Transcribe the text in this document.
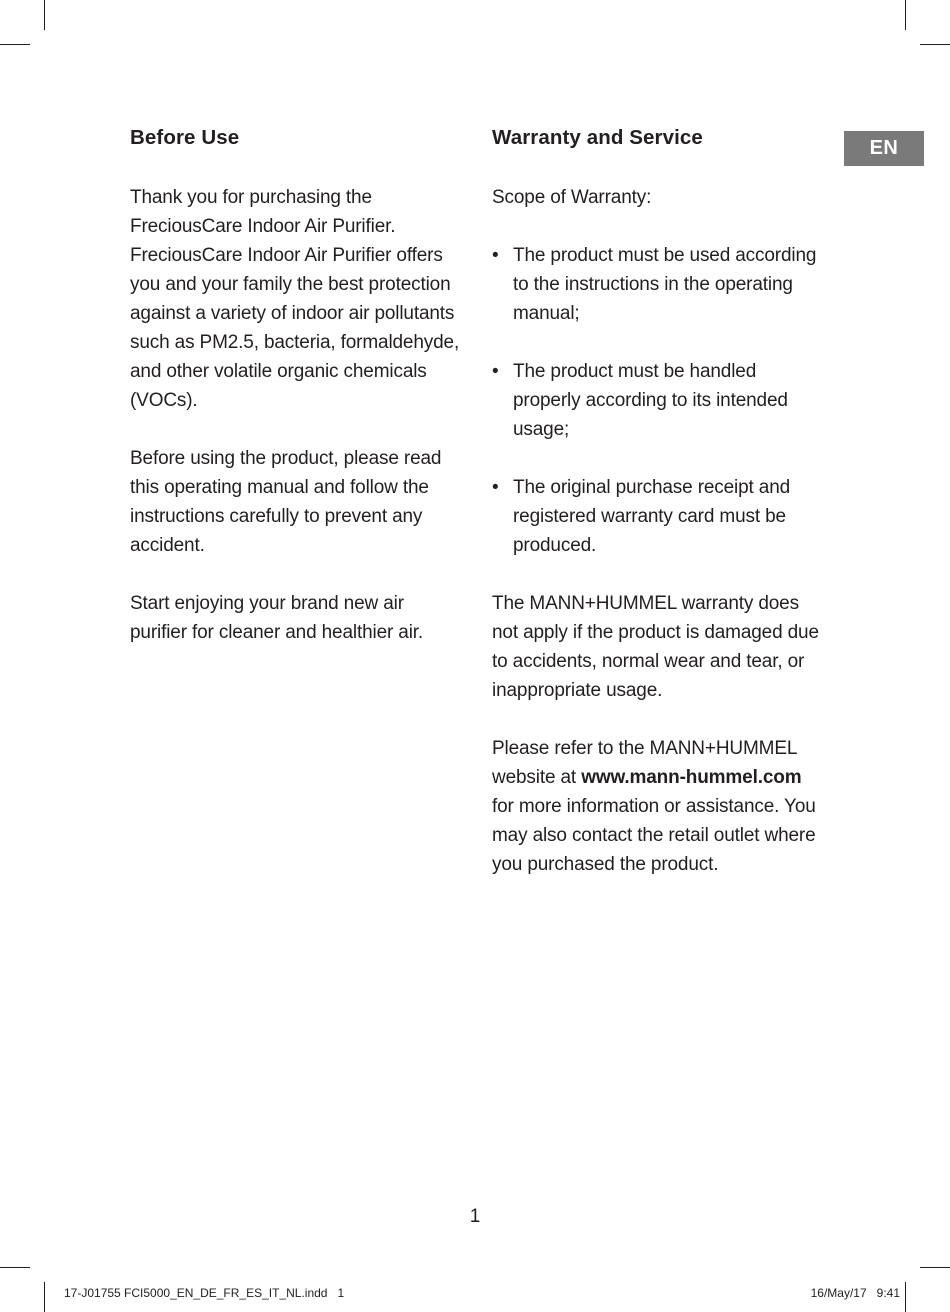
Before Use

Thank you for purchasing the FreciousCare Indoor Air Purifier. FreciousCare Indoor Air Purifier offers you and your family the best protection against a variety of indoor air pollutants such as PM2.5, bacteria, formaldehyde, and other volatile organic chemicals (VOCs).

Before using the product, please read this operating manual and follow the instructions carefully to prevent any accident.

Start enjoying your brand new air purifier for cleaner and healthier air.

Warranty and Service
Scope of Warranty:
• The product must be used according to the instructions in the operating manual;
• The product must be handled properly according to its intended usage;
• The original purchase receipt and registered warranty card must be produced.

The MANN+HUMMEL warranty does not apply if the product is damaged due to accidents, normal wear and tear, or inappropriate usage.

Please refer to the MANN+HUMMEL website at www.mann-hummel.com for more information or assistance. You may also contact the retail outlet where you purchased the product.

EN
1
17-J01755 FCI5000_EN_DE_FR_ES_IT_NL.indd   1	16/May/17   9:41
